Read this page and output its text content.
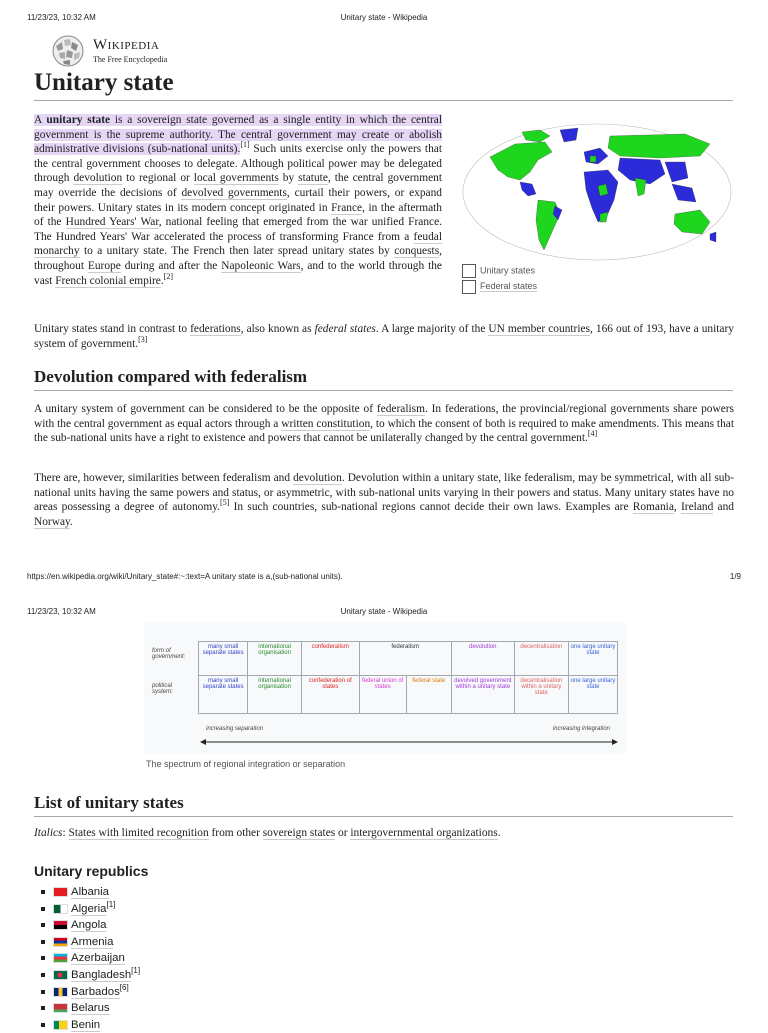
11/23/23, 10:32 AM	Unitary state - Wikipedia
Wikipedia
The Free Encyclopedia
Unitary state
A unitary state is a sovereign state governed as a single entity in which the central government is the supreme authority. The central government may create or abolish administrative divisions (sub-national units).[1] Such units exercise only the powers that the central government chooses to delegate. Although political power may be delegated through devolution to regional or local governments by statute, the central government may override the decisions of devolved governments, curtail their powers, or expand their powers. Unitary states in its modern concept originated in France, in the aftermath of the Hundred Years' War, national feeling that emerged from the war unified France. The Hundred Years' War accelerated the process of transforming France from a feudal monarchy to a unitary state. The French then later spread unitary states by conquests, throughout Europe during and after the Napoleonic Wars, and to the world through the vast French colonial empire.[2]
Unitary states
Federal states
Unitary states stand in contrast to federations, also known as federal states. A large majority of the UN member countries, 166 out of 193, have a unitary system of government.[3]
Devolution compared with federalism
A unitary system of government can be considered to be the opposite of federalism. In federations, the provincial/regional governments share powers with the central government as equal actors through a written constitution, to which the consent of both is required to make amendments. This means that the sub-national units have a right to existence and powers that cannot be unilaterally changed by the central government.[4]
There are, however, similarities between federalism and devolution. Devolution within a unitary state, like federalism, may be symmetrical, with all sub-national units having the same powers and status, or asymmetric, with sub-national units varying in their powers and status. Many unitary states have no areas possessing a degree of autonomy.[5] In such countries, sub-national regions cannot decide their own laws. Examples are Romania, Ireland and Norway.
https://en.wikipedia.org/wiki/Unitary_state#:~:text=A unitary state is a,(sub-national units).	1/9
11/23/23, 10:32 AM	Unitary state - Wikipedia
form of government:
political system:
many small separate states	international organisation	confederalism	federalism		devolution	decentralisation	one large unitary state
many small separate states	international organisation	confederation of states	federal union of states	federal state	devolved government within a unitary state	decentralisation within a unitary state	one large unitary state
increasing separation	increasing integration
The spectrum of regional integration or separation
List of unitary states
Italics: States with limited recognition from other sovereign states or intergovernmental organizations.
Unitary republics
Albania
Algeria[1]
Angola
Armenia
Azerbaijan
Bangladesh[1]
Barbados[6]
Belarus
Benin
